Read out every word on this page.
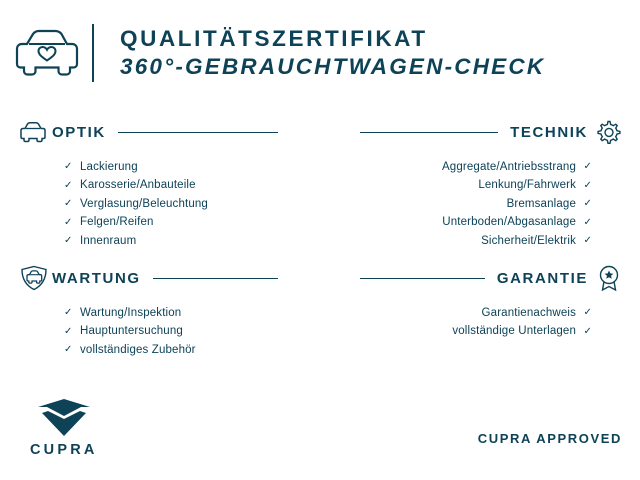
QUALITÄTSZERTIFIKAT
360°-GEBRAUCHTWAGEN-CHECK
OPTIK	TECHNIK
✓ Lackierung
✓ Karosserie/Anbauteile
✓ Verglasung/Beleuchtung
✓ Felgen/Reifen
✓ Innenraum
Aggregate/Antriebsstrang ✓
Lenkung/Fahrwerk ✓
Bremsanlage ✓
Unterboden/Abgasanlage ✓
Sicherheit/Elektrik ✓
WARTUNG	GARANTIE
✓ Wartung/Inspektion
✓ Hauptuntersuchung
✓ vollständiges Zubehör
Garantienachweis ✓
vollständige Unterlagen ✓
CUPRA
CUPRA APPROVED
